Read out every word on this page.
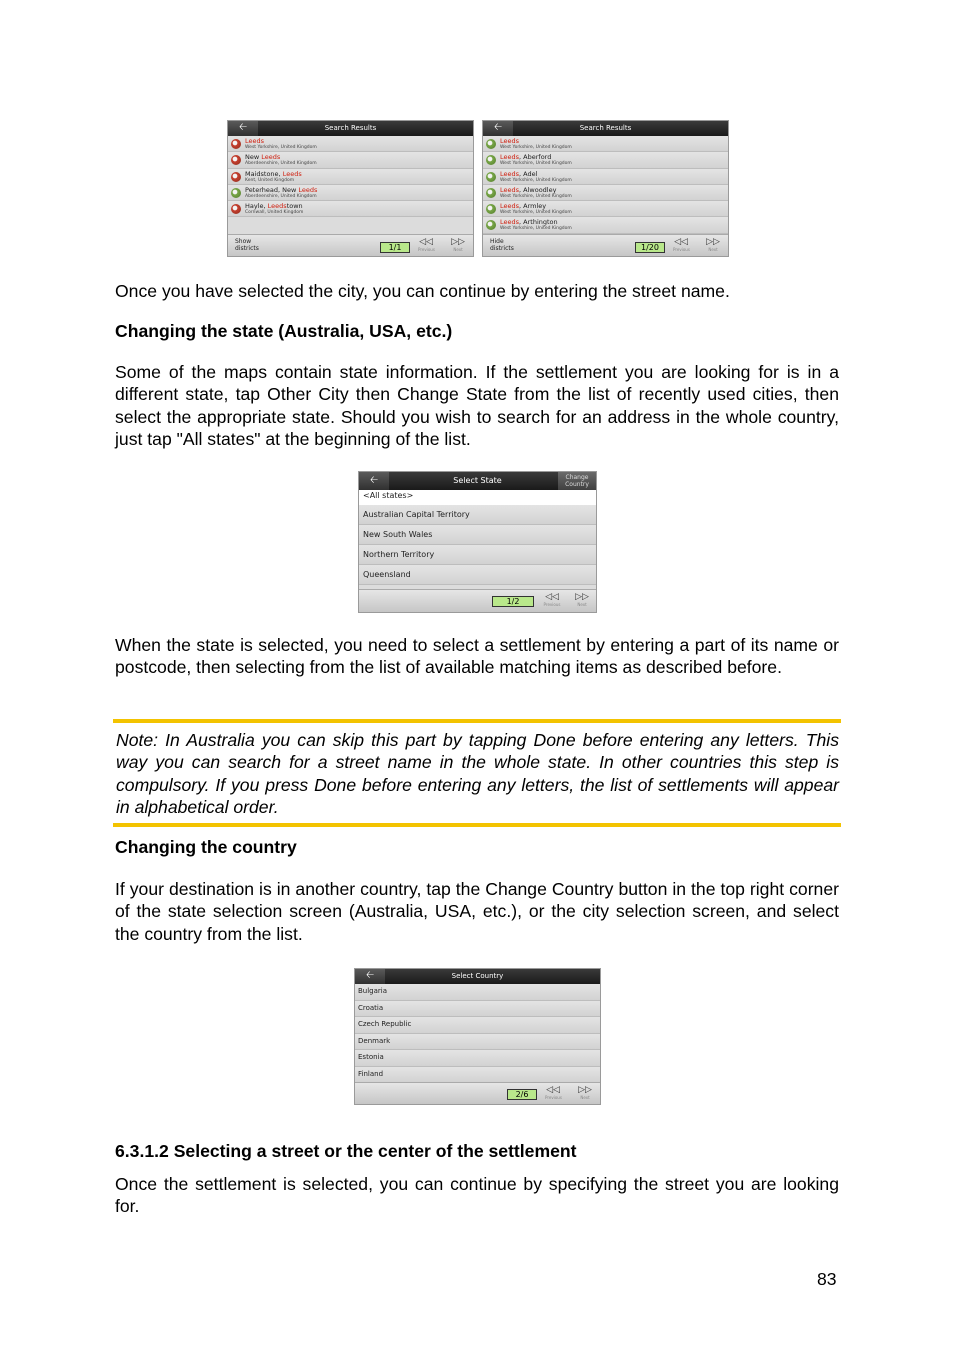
🡠	Search Results
Leeds
West Yorkshire, United Kingdom
New Leeds
Aberdeenshire, United Kingdom
Maidstone, Leeds
Kent, United Kingdom
Peterhead, New Leeds
Aberdeenshire, United Kingdom
Hayle, Leedstown
Cornwall, United Kingdom
Show districts	1/1
◁◁
Previous
▷▷
Next
🡠	Search Results
Leeds
West Yorkshire, United Kingdom
Leeds, Aberford
West Yorkshire, United Kingdom
Leeds, Adel
West Yorkshire, United Kingdom
Leeds, Alwoodley
West Yorkshire, United Kingdom
Leeds, Armley
West Yorkshire, United Kingdom
Leeds, Arthington
West Yorkshire, United Kingdom
Hide districts	1/20
◁◁
Previous
▷▷
Next

Once you have selected the city, you can continue by entering the street name.

Changing the state (Australia, USA, etc.)

Some of the maps contain state information. If the settlement you are looking for is in a different state, tap Other City then Change State from the list of recently used cities, then select the appropriate state. Should you wish to search for an address in the whole country, just tap "All states" at the beginning of the list.

🡠	Select State	Change Country
<All states>
Australian Capital Territory
New South Wales
Northern Territory
Queensland
1/2	◁◁
Previous
▷▷
Next

When the state is selected, you need to select a settlement by entering a part of its name or postcode, then selecting from the list of available matching items as described before.

Note: In Australia you can skip this part by tapping Done before entering any letters. This way you can search for a street name in the whole state. In other countries this step is compulsory. If you press Done before entering any letters, the list of settlements will appear in alphabetical order.

Changing the country

If your destination is in another country, tap the Change Country button in the top right corner of the state selection screen (Australia, USA, etc.), or the city selection screen, and select the country from the list.

🡠	Select Country
Bulgaria
Croatia
Czech Republic
Denmark
Estonia
Finland
2/6	◁◁
Previous
▷▷
Next

6.3.1.2 Selecting a street or the center of the settlement

Once the settlement is selected, you can continue by specifying the street you are looking for.

83
